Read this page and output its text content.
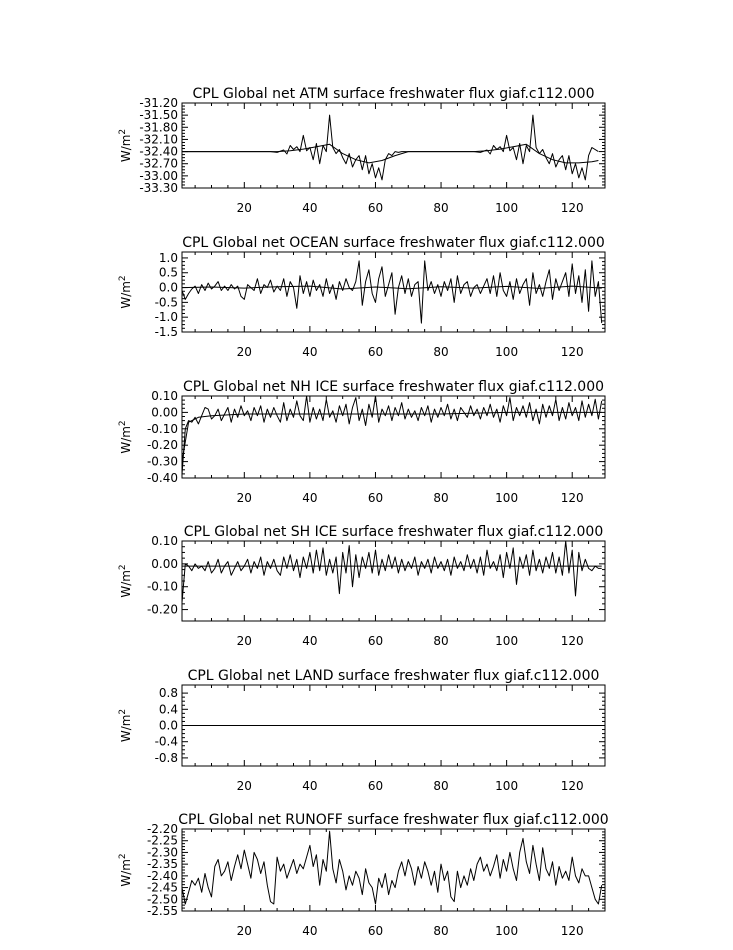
CPL Global net ATM surface freshwater flux giaf.c112.000
$W/m^2$
20	40	60	80	100	120
-31.20
-31.50
-31.80
-32.10
-32.40
-32.70
-33.00
-33.30
CPL Global net OCEAN surface freshwater flux giaf.c112.000
$W/m^2$
20	40	60	80	100	120
1.0
0.5
0.0
-0.5
-1.0
-1.5
CPL Global net NH ICE surface freshwater flux giaf.c112.000
$W/m^2$
20	40	60	80	100	120
0.10
0.00
-0.10
-0.20
-0.30
-0.40
CPL Global net SH ICE surface freshwater flux giaf.c112.000
$W/m^2$
20	40	60	80	100	120
0.10
0.00
-0.10
-0.20
CPL Global net LAND surface freshwater flux giaf.c112.000
$W/m^2$
20	40	60	80	100	120
0.8
0.4
0.0
-0.4
-0.8
CPL Global net RUNOFF surface freshwater flux giaf.c112.000
$W/m^2$
20	40	60	80	100	120
-2.20
-2.25
-2.30
-2.35
-2.40
-2.45
-2.50
-2.55
